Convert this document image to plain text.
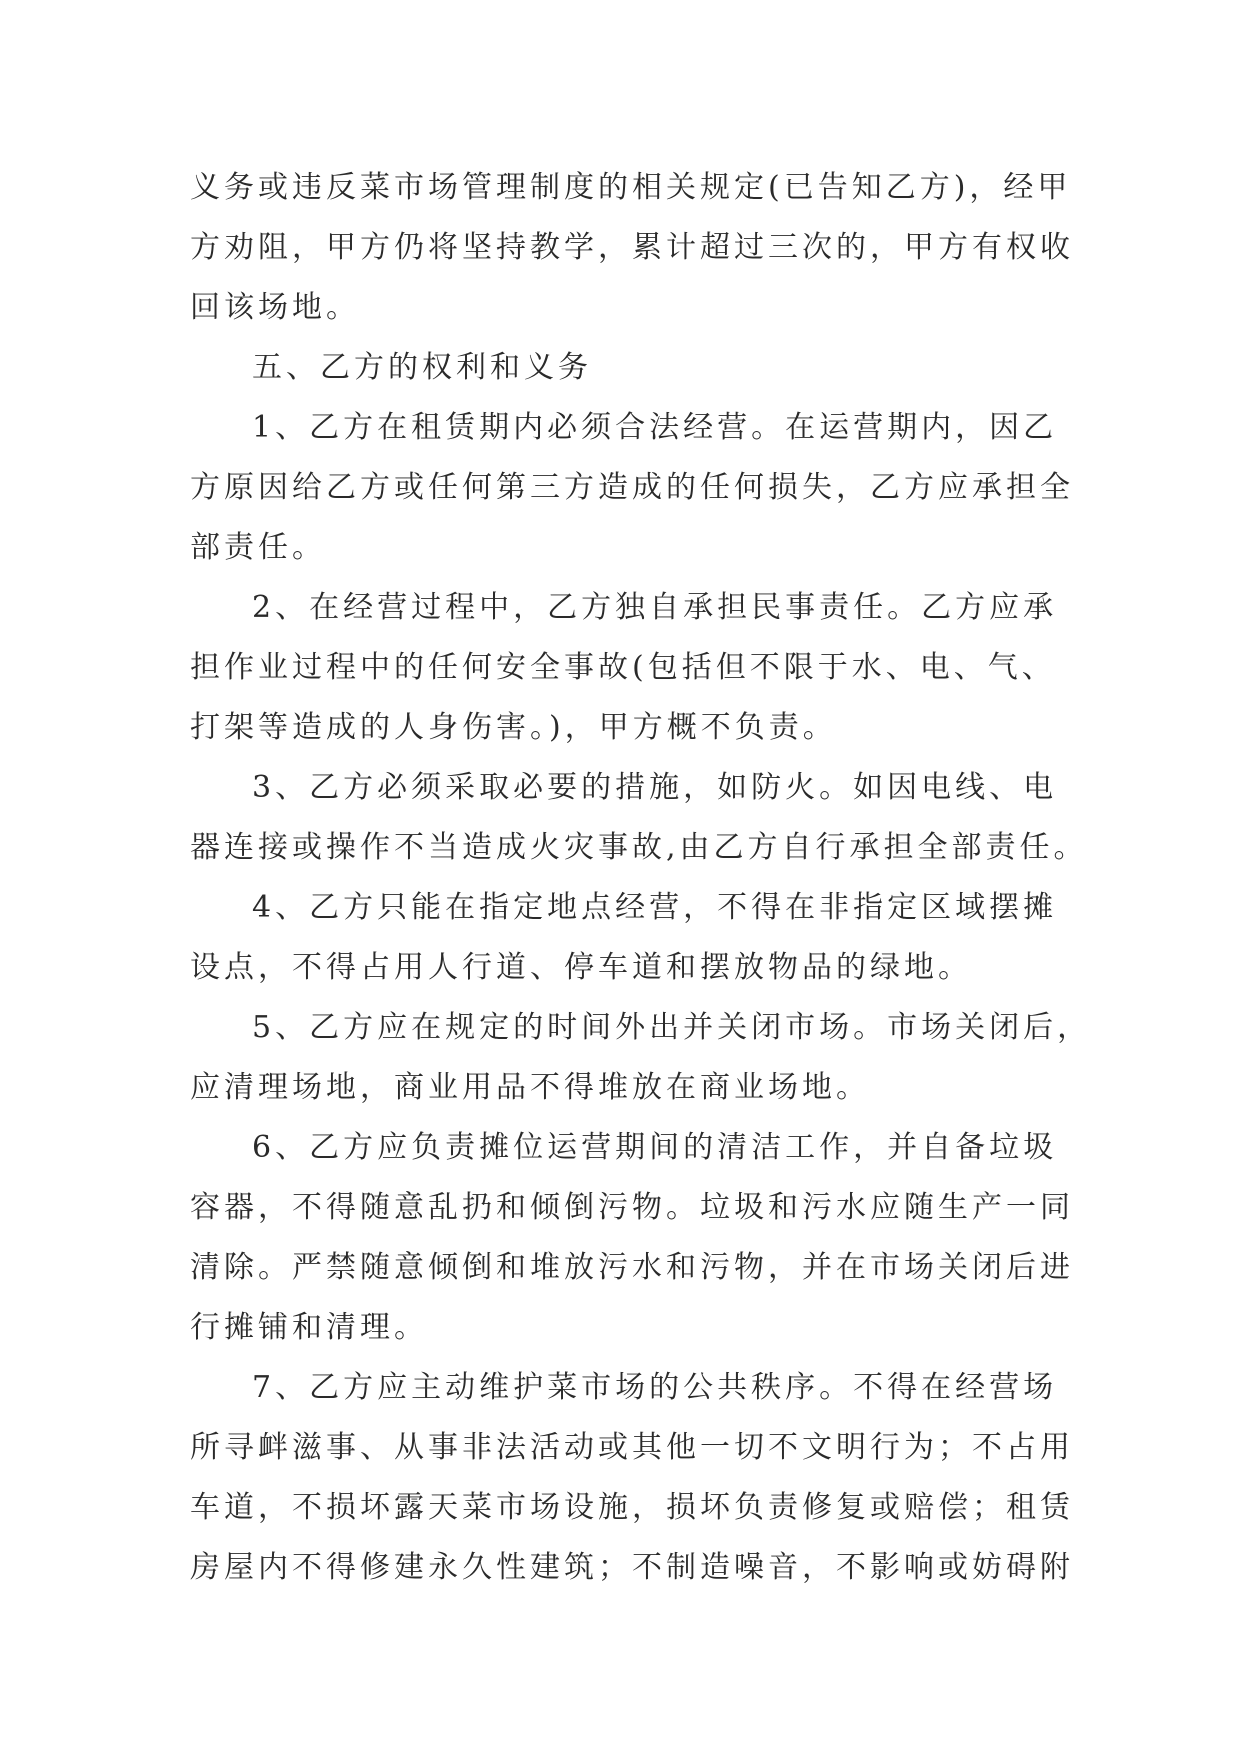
义务或违反菜市场管理制度的相关规定(已告知乙方)，经甲
方劝阻，甲方仍将坚持教学，累计超过三次的，甲方有权收
回该场地。
五、乙方的权利和义务
1、乙方在租赁期内必须合法经营。在运营期内，因乙
方原因给乙方或任何第三方造成的任何损失，乙方应承担全
部责任。
2、在经营过程中，乙方独自承担民事责任。乙方应承
担作业过程中的任何安全事故(包括但不限于水、电、气、
打架等造成的人身伤害。)，甲方概不负责。
3、乙方必须采取必要的措施，如防火。如因电线、电
器连接或操作不当造成火灾事故,由乙方自行承担全部责任。
4、乙方只能在指定地点经营，不得在非指定区域摆摊
设点，不得占用人行道、停车道和摆放物品的绿地。
5、乙方应在规定的时间外出并关闭市场。市场关闭后，
应清理场地，商业用品不得堆放在商业场地。
6、乙方应负责摊位运营期间的清洁工作，并自备垃圾
容器，不得随意乱扔和倾倒污物。垃圾和污水应随生产一同
清除。严禁随意倾倒和堆放污水和污物，并在市场关闭后进
行摊铺和清理。
7、乙方应主动维护菜市场的公共秩序。不得在经营场
所寻衅滋事、从事非法活动或其他一切不文明行为；不占用
车道，不损坏露天菜市场设施，损坏负责修复或赔偿；租赁
房屋内不得修建永久性建筑；不制造噪音，不影响或妨碍附
